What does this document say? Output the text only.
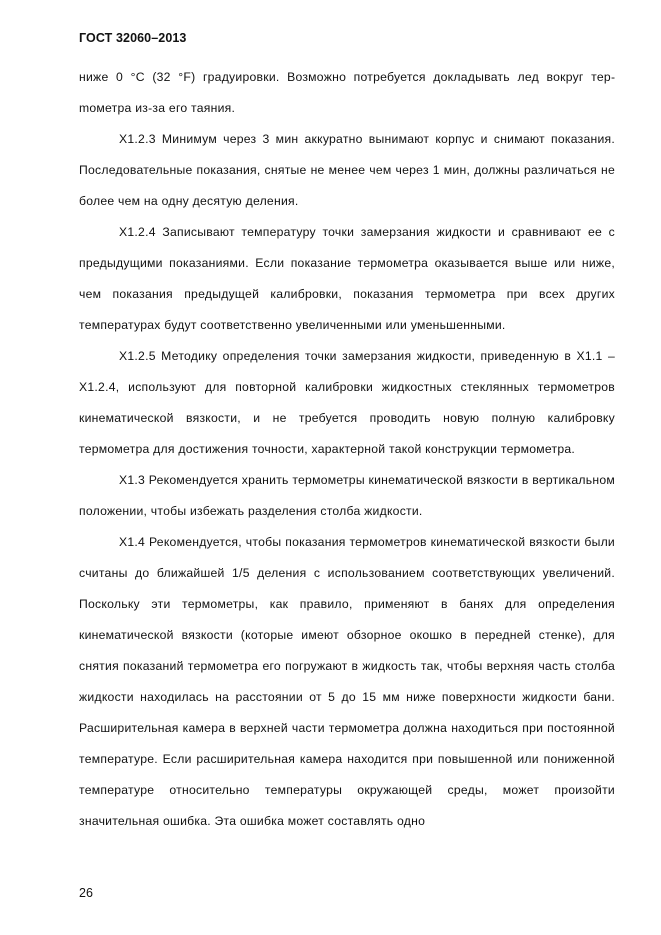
ГОСТ 32060–2013

ниже 0 °C (32 °F) градуировки. Возможно потребуется докладывать лед вокруг терmометра из-за его таяния.

X1.2.3 Минимум через 3 мин аккуратно вынимают корпус и снимают показания. Последовательные показания, снятые не менее чем через 1 мин, должны различаться не более чем на одну десятую деления.

X1.2.4 Записывают температуру точки замерзания жидкости и сравнивают ее с предыдущими показаниями. Если показание термометра оказывается выше или ниже, чем показания предыдущей калибровки, показания термометра при всех других температурах будут соответственно увеличенными или уменьшенными.

X1.2.5 Методику определения точки замерзания жидкости, приведенную в X1.1 – X1.2.4, используют для повторной калибровки жидкостных стеклянных термометров кинематической вязкости, и не требуется проводить новую полную калибровку термометра для достижения точности, характерной такой конструкции термометра.

X1.3 Рекомендуется хранить термометры кинематической вязкости в вертикальном положении, чтобы избежать разделения столба жидкости.

X1.4 Рекомендуется, чтобы показания термометров кинематической вязкости были считаны до ближайшей 1/5 деления с использованием соответствующих увеличений. Поскольку эти термометры, как правило, применяют в банях для определения кинематической вязкости (которые имеют обзорное окошко в передней стенке), для снятия показаний термометра его погружают в жидкость так, чтобы верхняя часть столба жидкости находилась на расстоянии от 5 до 15 мм ниже поверхности жидкости бани. Расширительная камера в верхней части термометра должна находиться при постоянной температуре. Если расширительная камера находится при повышенной или пониженной температуре относительно температуры окружающей среды, может произойти значительная ошибка. Эта ошибка может составлять одно

26
